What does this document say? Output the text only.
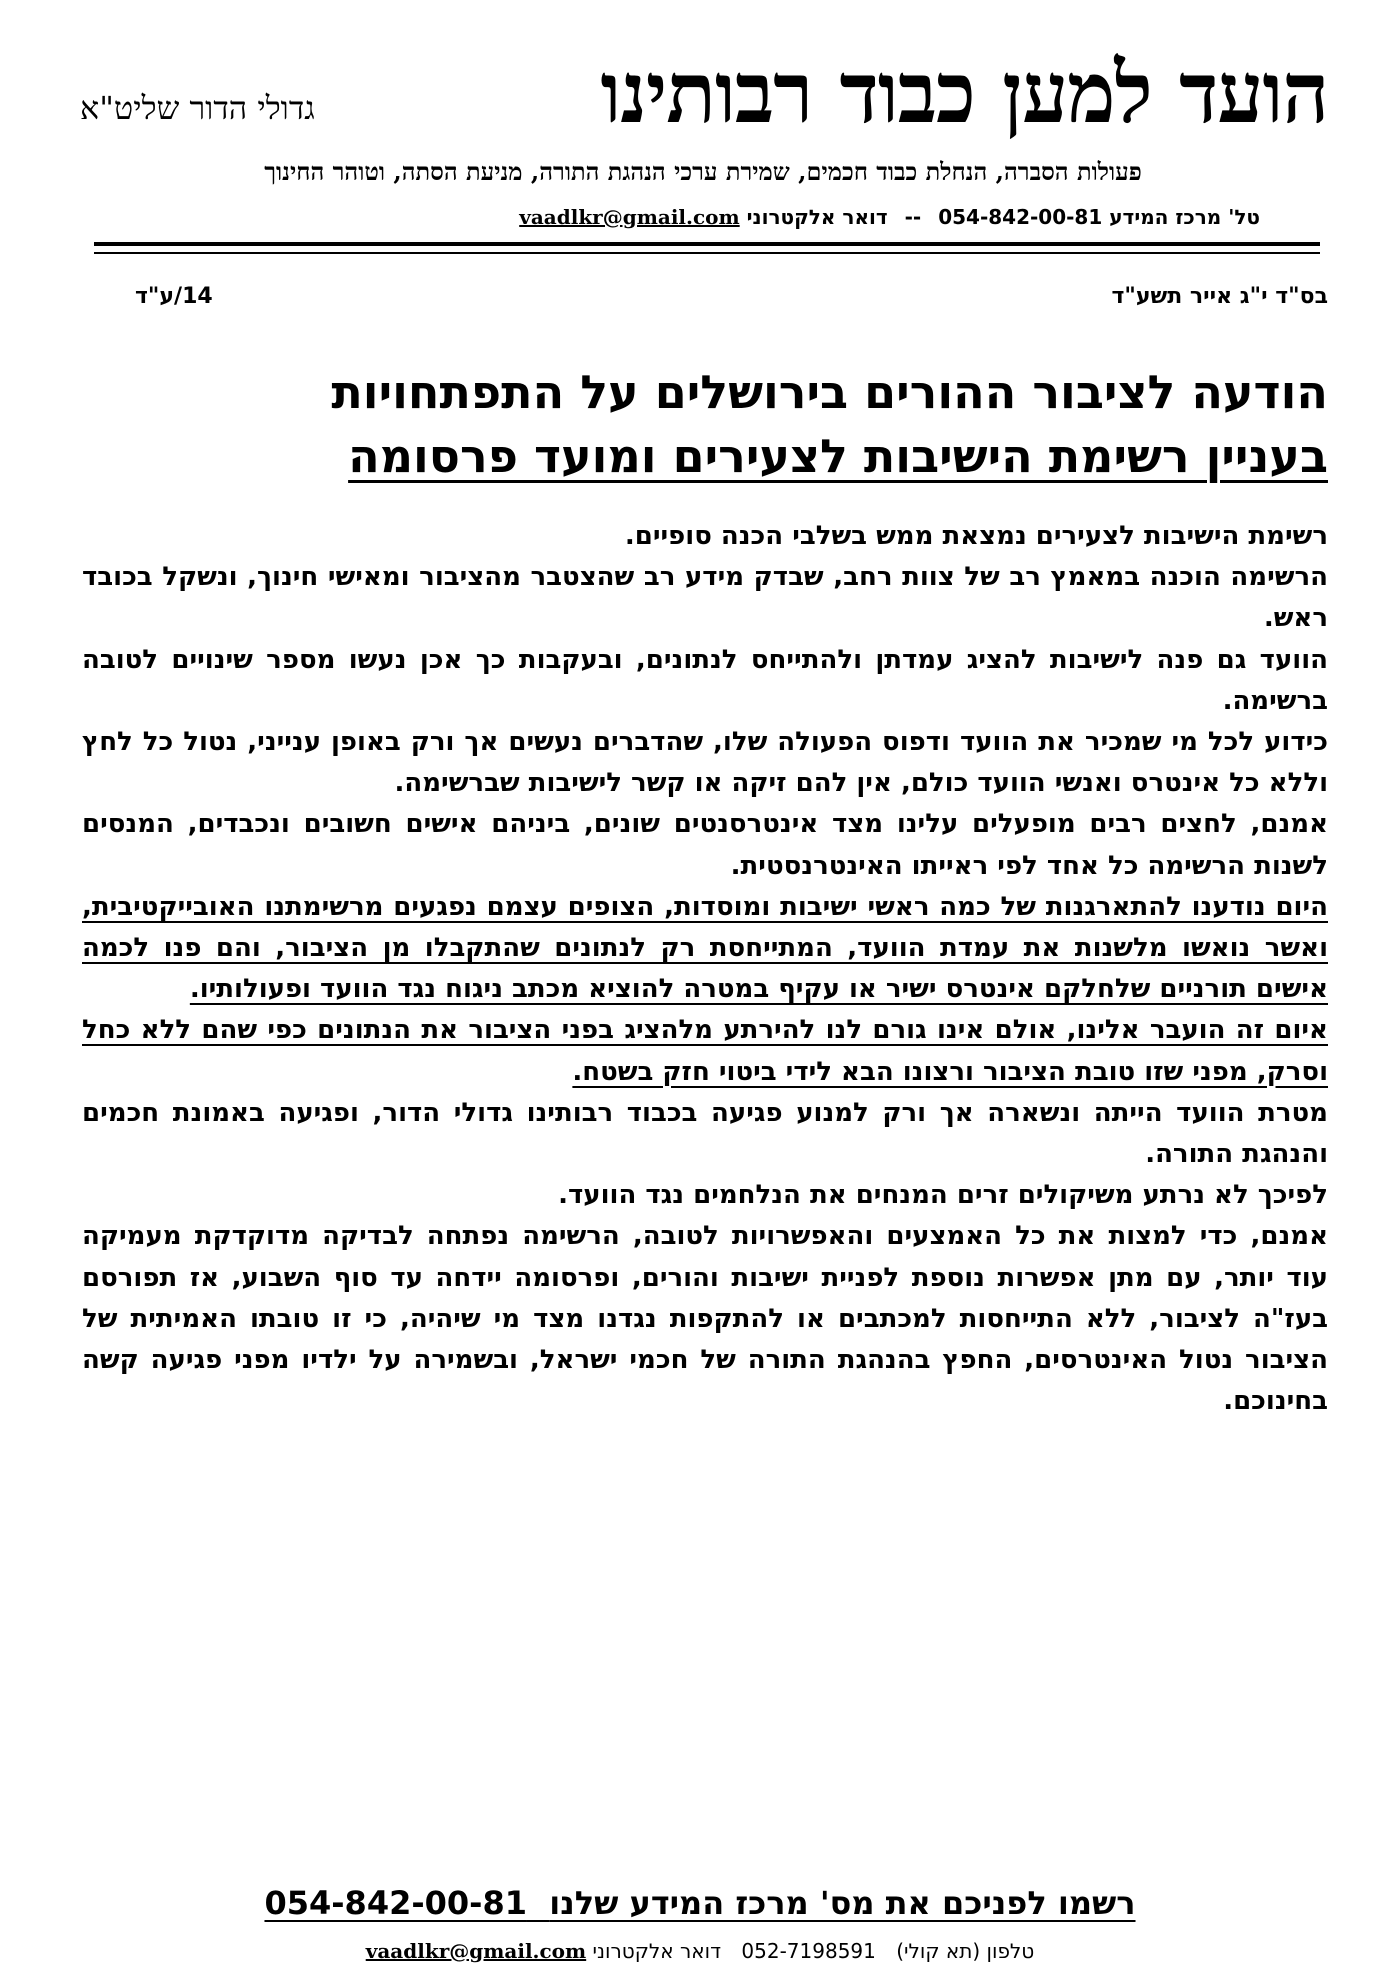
הועד למען כבוד רבותינו
גדולי הדור שליט"א
פעולות הסברה, הנחלת כבוד חכמים, שמירת ערכי הנהגת התורה, מניעת הסתה, וטוהר החינוך
טל' מרכז המידע 054-842-00-81 -- דואר אלקטרוני vaadlkr@gmail.com
בס"ד י"ג אייר תשע"ד
14/ע"ד
הודעה לציבור ההורים בירושלים על התפתחויות
בעניין רשימת הישיבות לצעירים ומועד פרסומה

רשימת הישיבות לצעירים נמצאת ממש בשלבי הכנה סופיים.

הרשימה הוכנה במאמץ רב של צוות רחב, שבדק מידע רב שהצטבר מהציבור ומאישי חינוך, ונשקל בכובד ראש.

הוועד גם פנה לישיבות להציג עמדתן ולהתייחס לנתונים, ובעקבות כך אכן נעשו מספר שינויים לטובה ברשימה.

כידוע לכל מי שמכיר את הוועד ודפוס הפעולה שלו, שהדברים נעשים אך ורק באופן ענייני, נטול כל לחץ וללא כל אינטרס ואנשי הוועד כולם, אין להם זיקה או קשר לישיבות שברשימה.

אמנם, לחצים רבים מופעלים עלינו מצד אינטרסנטים שונים, ביניהם אישים חשובים ונכבדים, המנסים לשנות הרשימה כל אחד לפי ראייתו האינטרנסטית.

היום נודענו להתארגנות של כמה ראשי ישיבות ומוסדות, הצופים עצמם נפגעים מרשימתנו האובייקטיבית, ואשר נואשו מלשנות את עמדת הוועד, המתייחסת רק לנתונים שהתקבלו מן הציבור, והם פנו לכמה אישים תורניים שלחלקם אינטרס ישיר או עקיף במטרה להוציא מכתב ניגוח נגד הוועד ופעולותיו.

איום זה הועבר אלינו, אולם אינו גורם לנו להירתע מלהציג בפני הציבור את הנתונים כפי שהם ללא כחל וסרק, מפני שזו טובת הציבור ורצונו הבא לידי ביטוי חזק בשטח.

מטרת הוועד הייתה ונשארה אך ורק למנוע פגיעה בכבוד רבותינו גדולי הדור, ופגיעה באמונת חכמים והנהגת התורה.

לפיכך לא נרתע משיקולים זרים המנחים את הנלחמים נגד הוועד.

אמנם, כדי למצות את כל האמצעים והאפשרויות לטובה, הרשימה נפתחה לבדיקה מדוקדקת מעמיקה עוד יותר, עם מתן אפשרות נוספת לפניית ישיבות והורים, ופרסומה יידחה עד סוף השבוע, אז תפורסם בעז"ה לציבור, ללא התייחסות למכתבים או להתקפות נגדנו מצד מי שיהיה, כי זו טובתו האמיתית של הציבור נטול האינטרסים, החפץ בהנהגת התורה של חכמי ישראל, ובשמירה על ילדיו מפני פגיעה קשה בחינוכם.

רשמו לפניכם את מס' מרכז המידע שלנו  054-842-00-81
טלפון (תא קולי) 052-7198591 דואר אלקטרוני vaadlkr@gmail.com
